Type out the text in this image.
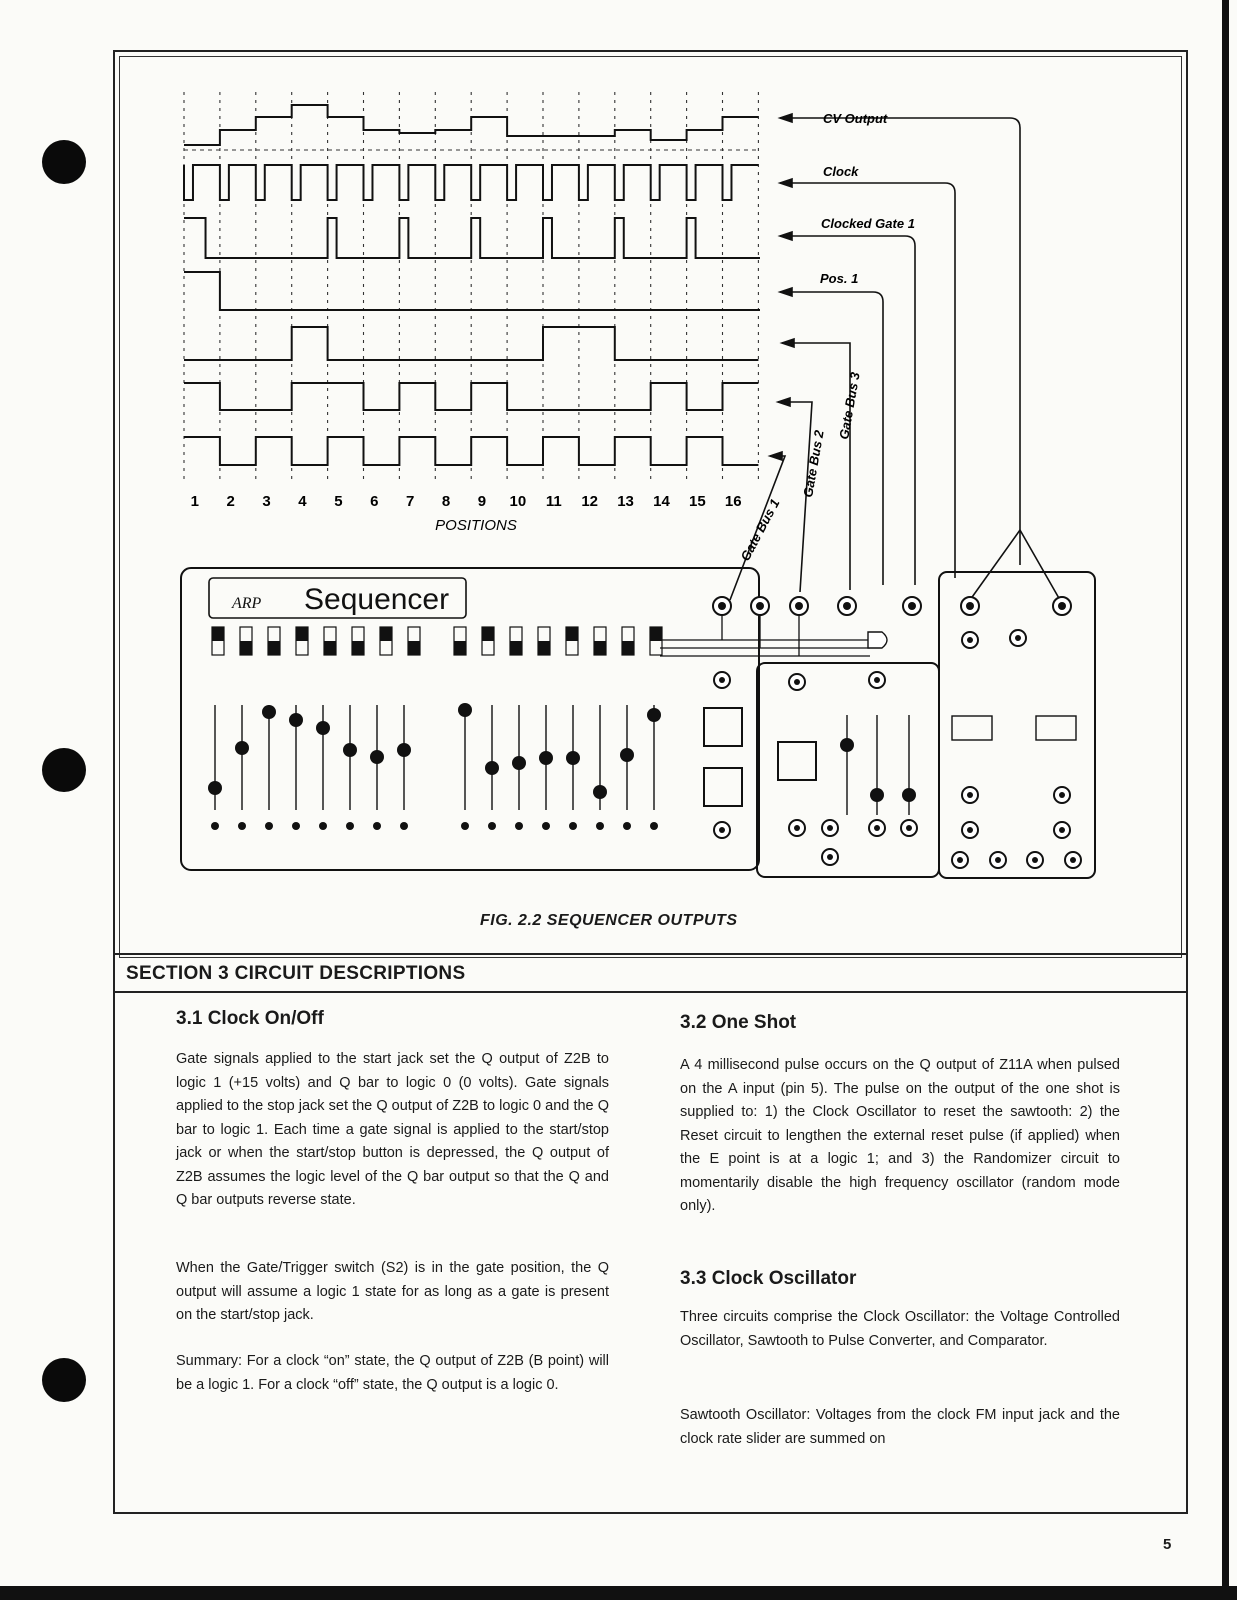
CV Output
Clock
Clocked Gate 1
Pos. 1
Gate Bus 3
Gate Bus 2
Gate Bus 1
1 2 3 4 5 6 7 8 9 10 11 12 13 14 15 16
POSITIONS
ARP Sequencer
FIG. 2.2 SEQUENCER OUTPUTS
SECTION 3 CIRCUIT DESCRIPTIONS
3.1 Clock On/Off
Gate signals applied to the start jack set the Q output of Z2B to logic 1 (+15 volts) and Q bar to logic 0 (0 volts). Gate signals applied to the stop jack set the Q output of Z2B to logic 0 and the Q bar to logic 1. Each time a gate signal is applied to the start/stop jack or when the start/stop button is depressed, the Q output of Z2B assumes the logic level of the Q bar output so that the Q and Q bar outputs reverse state.
When the Gate/Trigger switch (S2) is in the gate position, the Q output will assume a logic 1 state for as long as a gate is present on the start/stop jack.
Summary: For a clock “on” state, the Q output of Z2B (B point) will be a logic 1. For a clock “off” state, the Q output is a logic 0.
3.2 One Shot
A 4 millisecond pulse occurs on the Q output of Z11A when pulsed on the A input (pin 5). The pulse on the output of the one shot is supplied to: 1) the Clock Oscillator to reset the sawtooth: 2) the Reset circuit to lengthen the external reset pulse (if applied) when the E point is at a logic 1; and 3) the Randomizer circuit to momentarily disable the high frequency oscillator (random mode only).
3.3 Clock Oscillator
Three circuits comprise the Clock Oscillator: the Voltage Controlled Oscillator, Sawtooth to Pulse Converter, and Comparator.
Sawtooth Oscillator: Voltages from the clock FM input jack and the clock rate slider are summed on
5
